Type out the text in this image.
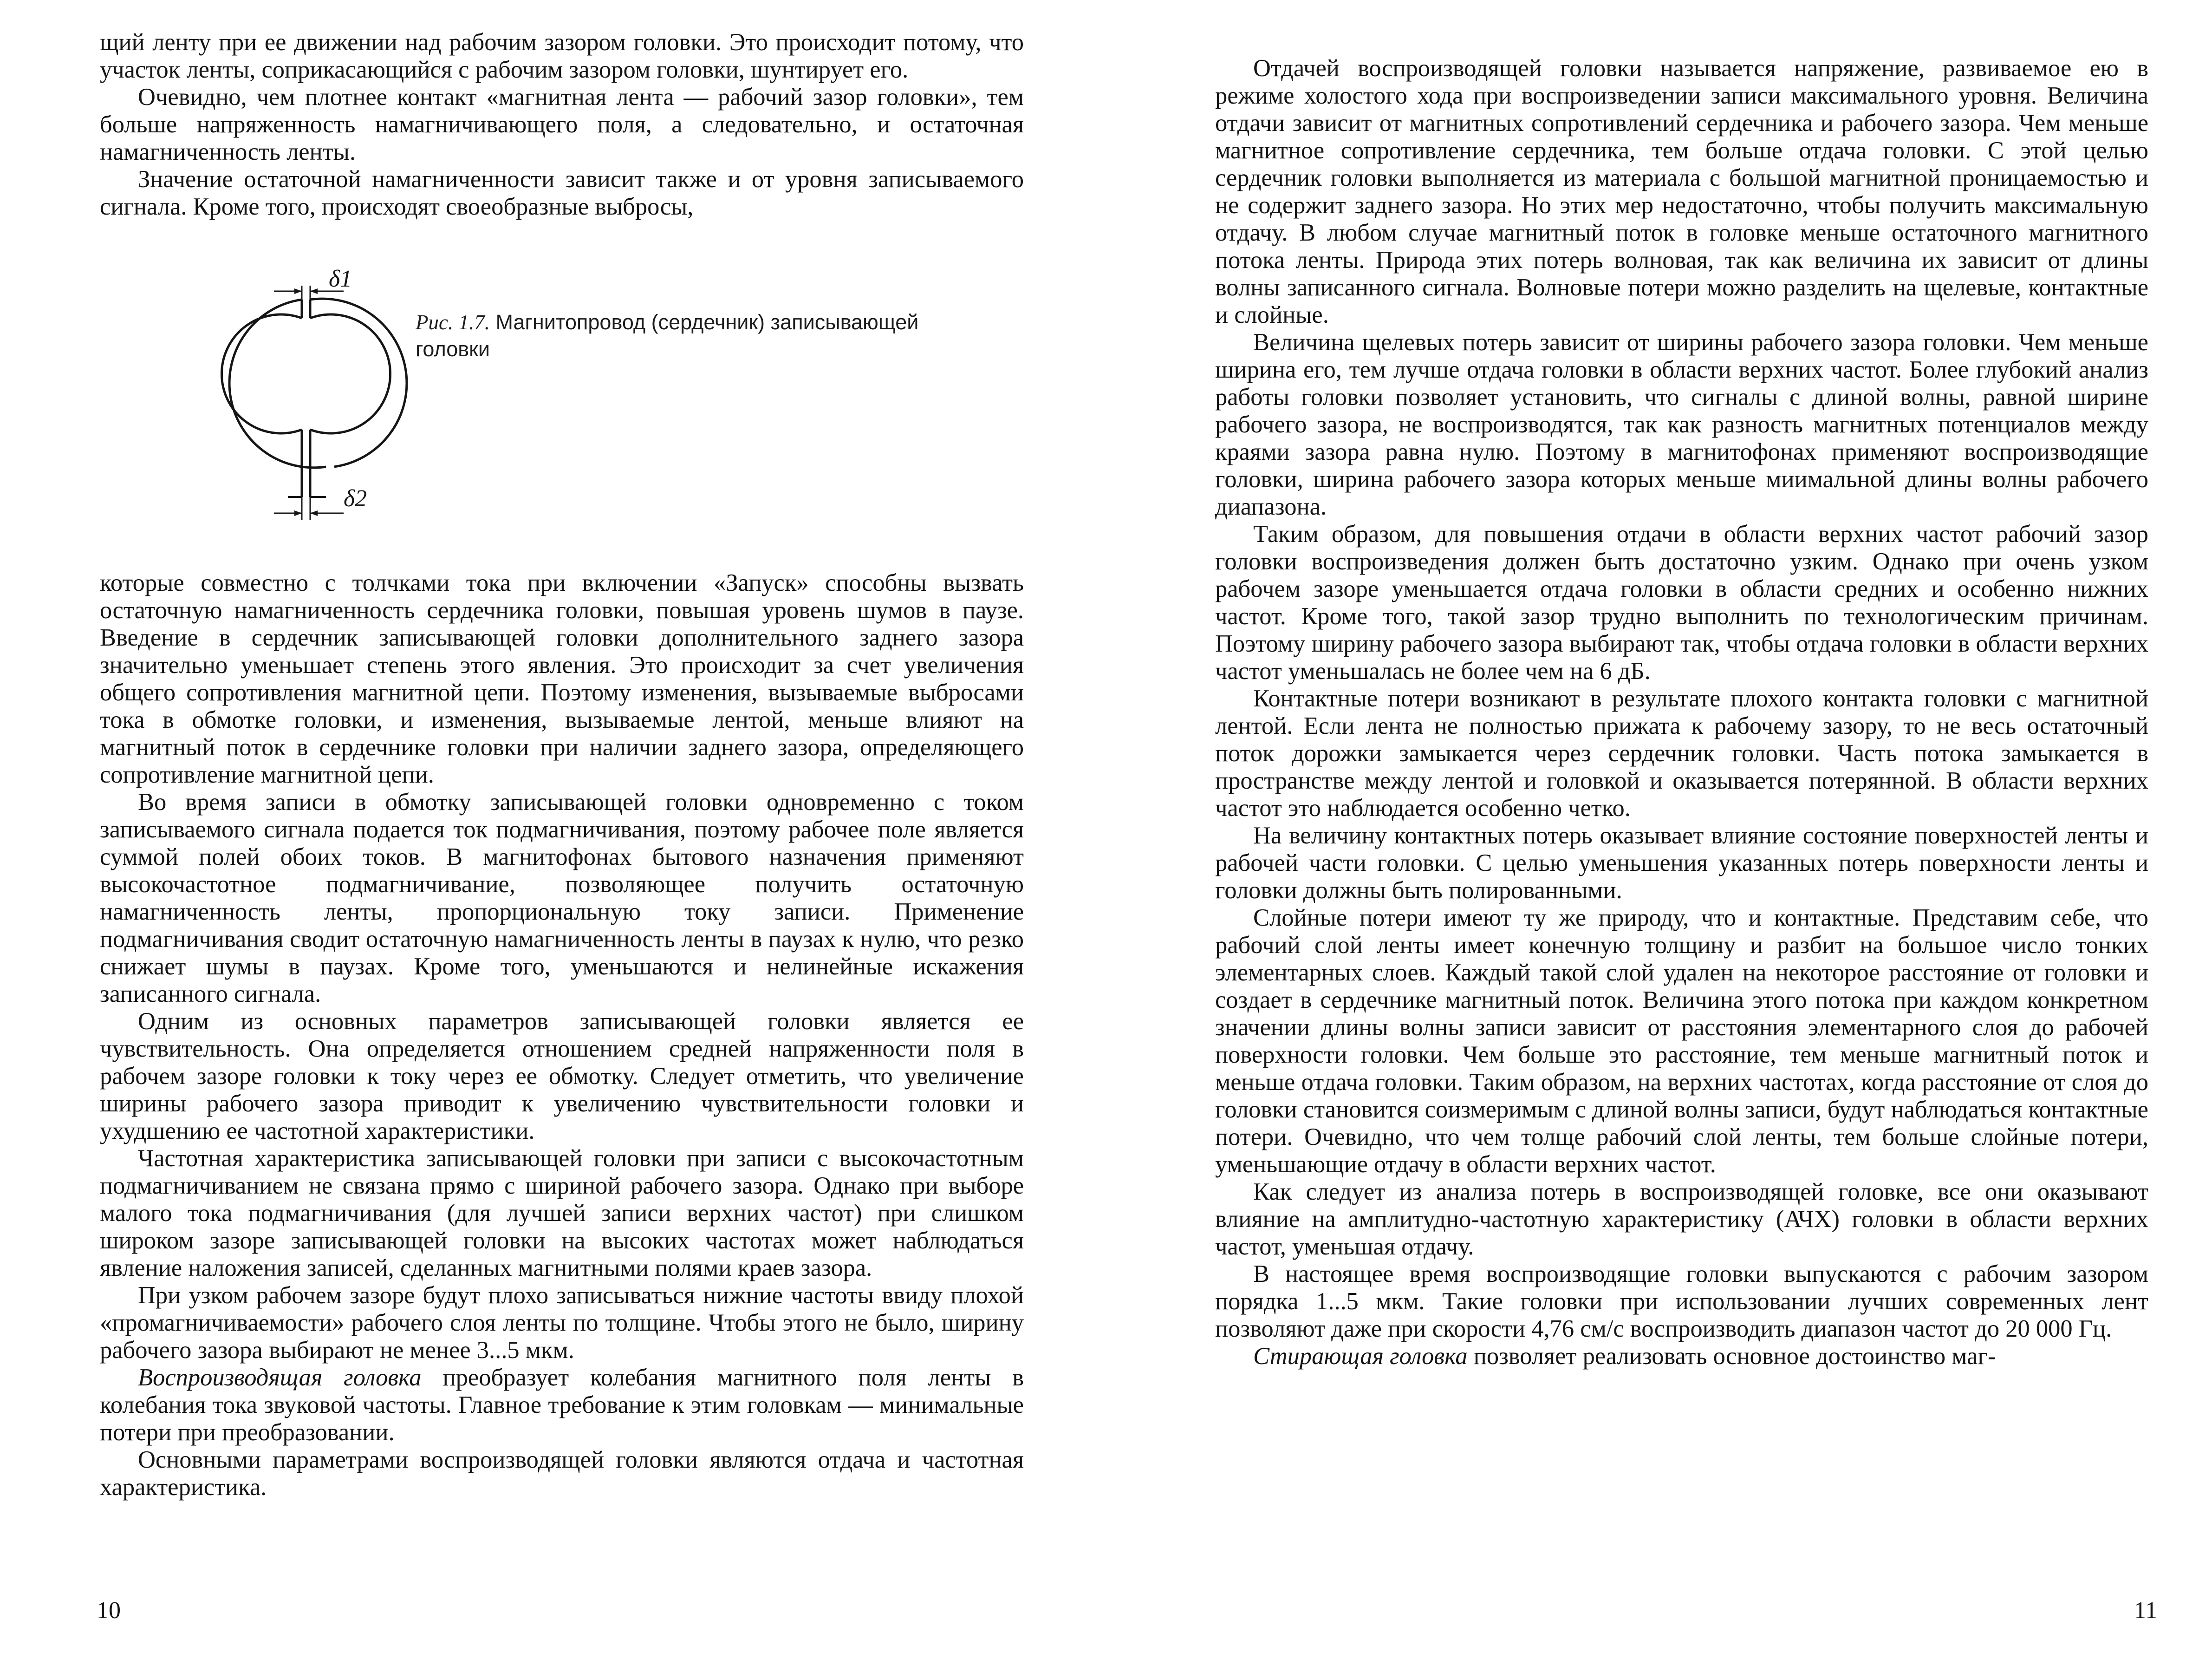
щий ленту при ее движении над рабочим зазором головки. Это происходит потому, что участок ленты, соприкасающийся с рабочим зазором головки, шунтирует его.

Очевидно, чем плотнее контакт «магнитная лента — рабочий зазор головки», тем больше напряженность намагничивающего поля, а следовательно, и остаточная намагниченность ленты.

Значение остаточной намагниченности зависит также и от уровня записываемого сигнала. Кроме того, происходят своеобразные выбросы,

δ1
δ2
Рис. 1.7. Магнитопровод (сердечник) записывающей головки

которые совместно с толчками тока при включении «Запуск» способны вызвать остаточную намагниченность сердечника головки, повышая уровень шумов в паузе. Введение в сердечник записывающей головки дополнительного заднего зазора значительно уменьшает степень этого явления. Это происходит за счет увеличения общего сопротивления магнитной цепи. Поэтому изменения, вызываемые выбросами тока в обмотке головки, и изменения, вызываемые лентой, меньше влияют на магнитный поток в сердечнике головки при наличии заднего зазора, определяющего сопротивление магнитной цепи.

Во время записи в обмотку записывающей головки одновременно с током записываемого сигнала подается ток подмагничивания, поэтому рабочее поле является суммой полей обоих токов. В магнитофонах бытового назначения применяют высокочастотное подмагничивание, позволяющее получить остаточную намагниченность ленты, пропорциональную току записи. Применение подмагничивания сводит остаточную намагниченность ленты в паузах к нулю, что резко снижает шумы в паузах. Кроме того, уменьшаются и нелинейные искажения записанного сигнала.

Одним из основных параметров записывающей головки является ее чувствительность. Она определяется отношением средней напряженности поля в рабочем зазоре головки к току через ее обмотку. Следует отметить, что увеличение ширины рабочего зазора приводит к увеличению чувствительности головки и ухудшению ее частотной характеристики.

Частотная характеристика записывающей головки при записи с высокочастотным подмагничиванием не связана прямо с шириной рабочего зазора. Однако при выборе малого тока подмагничивания (для лучшей записи верхних частот) при слишком широком зазоре записывающей головки на высоких частотах может наблюдаться явление наложения записей, сделанных магнитными полями краев зазора.

При узком рабочем зазоре будут плохо записываться нижние частоты ввиду плохой «промагничиваемости» рабочего слоя ленты по толщине. Чтобы этого не было, ширину рабочего зазора выбирают не менее 3...5 мкм.

Воспроизводящая головка преобразует колебания магнитного поля ленты в колебания тока звуковой частоты. Главное требование к этим головкам — минимальные потери при преобразовании.

Основными параметрами воспроизводящей головки являются отдача и частотная характеристика.

10

Отдачей воспроизводящей головки называется напряжение, развиваемое ею в режиме холостого хода при воспроизведении записи максимального уровня. Величина отдачи зависит от магнитных сопротивлений сердечника и рабочего зазора. Чем меньше магнитное сопротивление сердечника, тем больше отдача головки. С этой целью сердечник головки выполняется из материала с большой магнитной проницаемостью и не содержит заднего зазора. Но этих мер недостаточно, чтобы получить максимальную отдачу. В любом случае магнитный поток в головке меньше остаточного магнитного потока ленты. Природа этих потерь волновая, так как величина их зависит от длины волны записанного сигнала. Волновые потери можно разделить на щелевые, контактные и слойные.

Величина щелевых потерь зависит от ширины рабочего зазора головки. Чем меньше ширина его, тем лучше отдача головки в области верхних частот. Более глубокий анализ работы головки позволяет установить, что сигналы с длиной волны, равной ширине рабочего зазора, не воспроизводятся, так как разность магнитных потенциалов между краями зазора равна нулю. Поэтому в магнитофонах применяют воспроизводящие головки, ширина рабочего зазора которых меньше миимальной длины волны рабочего диапазона.

Таким образом, для повышения отдачи в области верхних частот рабочий зазор головки воспроизведения должен быть достаточно узким. Однако при очень узком рабочем зазоре уменьшается отдача головки в области средних и особенно нижних частот. Кроме того, такой зазор трудно выполнить по технологическим причинам. Поэтому ширину рабочего зазора выбирают так, чтобы отдача головки в области верхних частот уменьшалась не более чем на 6 дБ.

Контактные потери возникают в результате плохого контакта головки с магнитной лентой. Если лента не полностью прижата к рабочему зазору, то не весь остаточный поток дорожки замыкается через сердечник головки. Часть потока замыкается в пространстве между лентой и головкой и оказывается потерянной. В области верхних частот это наблюдается особенно четко.

На величину контактных потерь оказывает влияние состояние поверхностей ленты и рабочей части головки. С целью уменьшения указанных потерь поверхности ленты и головки должны быть полированными.

Слойные потери имеют ту же природу, что и контактные. Представим себе, что рабочий слой ленты имеет конечную толщину и разбит на большое число тонких элементарных слоев. Каждый такой слой удален на некоторое расстояние от головки и создает в сердечнике магнитный поток. Величина этого потока при каждом конкретном значении длины волны записи зависит от расстояния элементарного слоя до рабочей поверхности головки. Чем больше это расстояние, тем меньше магнитный поток и меньше отдача головки. Таким образом, на верхних частотах, когда расстояние от слоя до головки становится соизмеримым с длиной волны записи, будут наблюдаться контактные потери. Очевидно, что чем толще рабочий слой ленты, тем больше слойные потери, уменьшающие отдачу в области верхних частот.

Как следует из анализа потерь в воспроизводящей головке, все они оказывают влияние на амплитудно-частотную характеристику (АЧХ) головки в области верхних частот, уменьшая отдачу.

В настоящее время воспроизводящие головки выпускаются с рабочим зазором порядка 1...5 мкм. Такие головки при использовании лучших современных лент позволяют даже при скорости 4,76 см/с воспроизводить диапазон частот до 20 000 Гц.

Стирающая головка позволяет реализовать основное достоинство маг-

11
